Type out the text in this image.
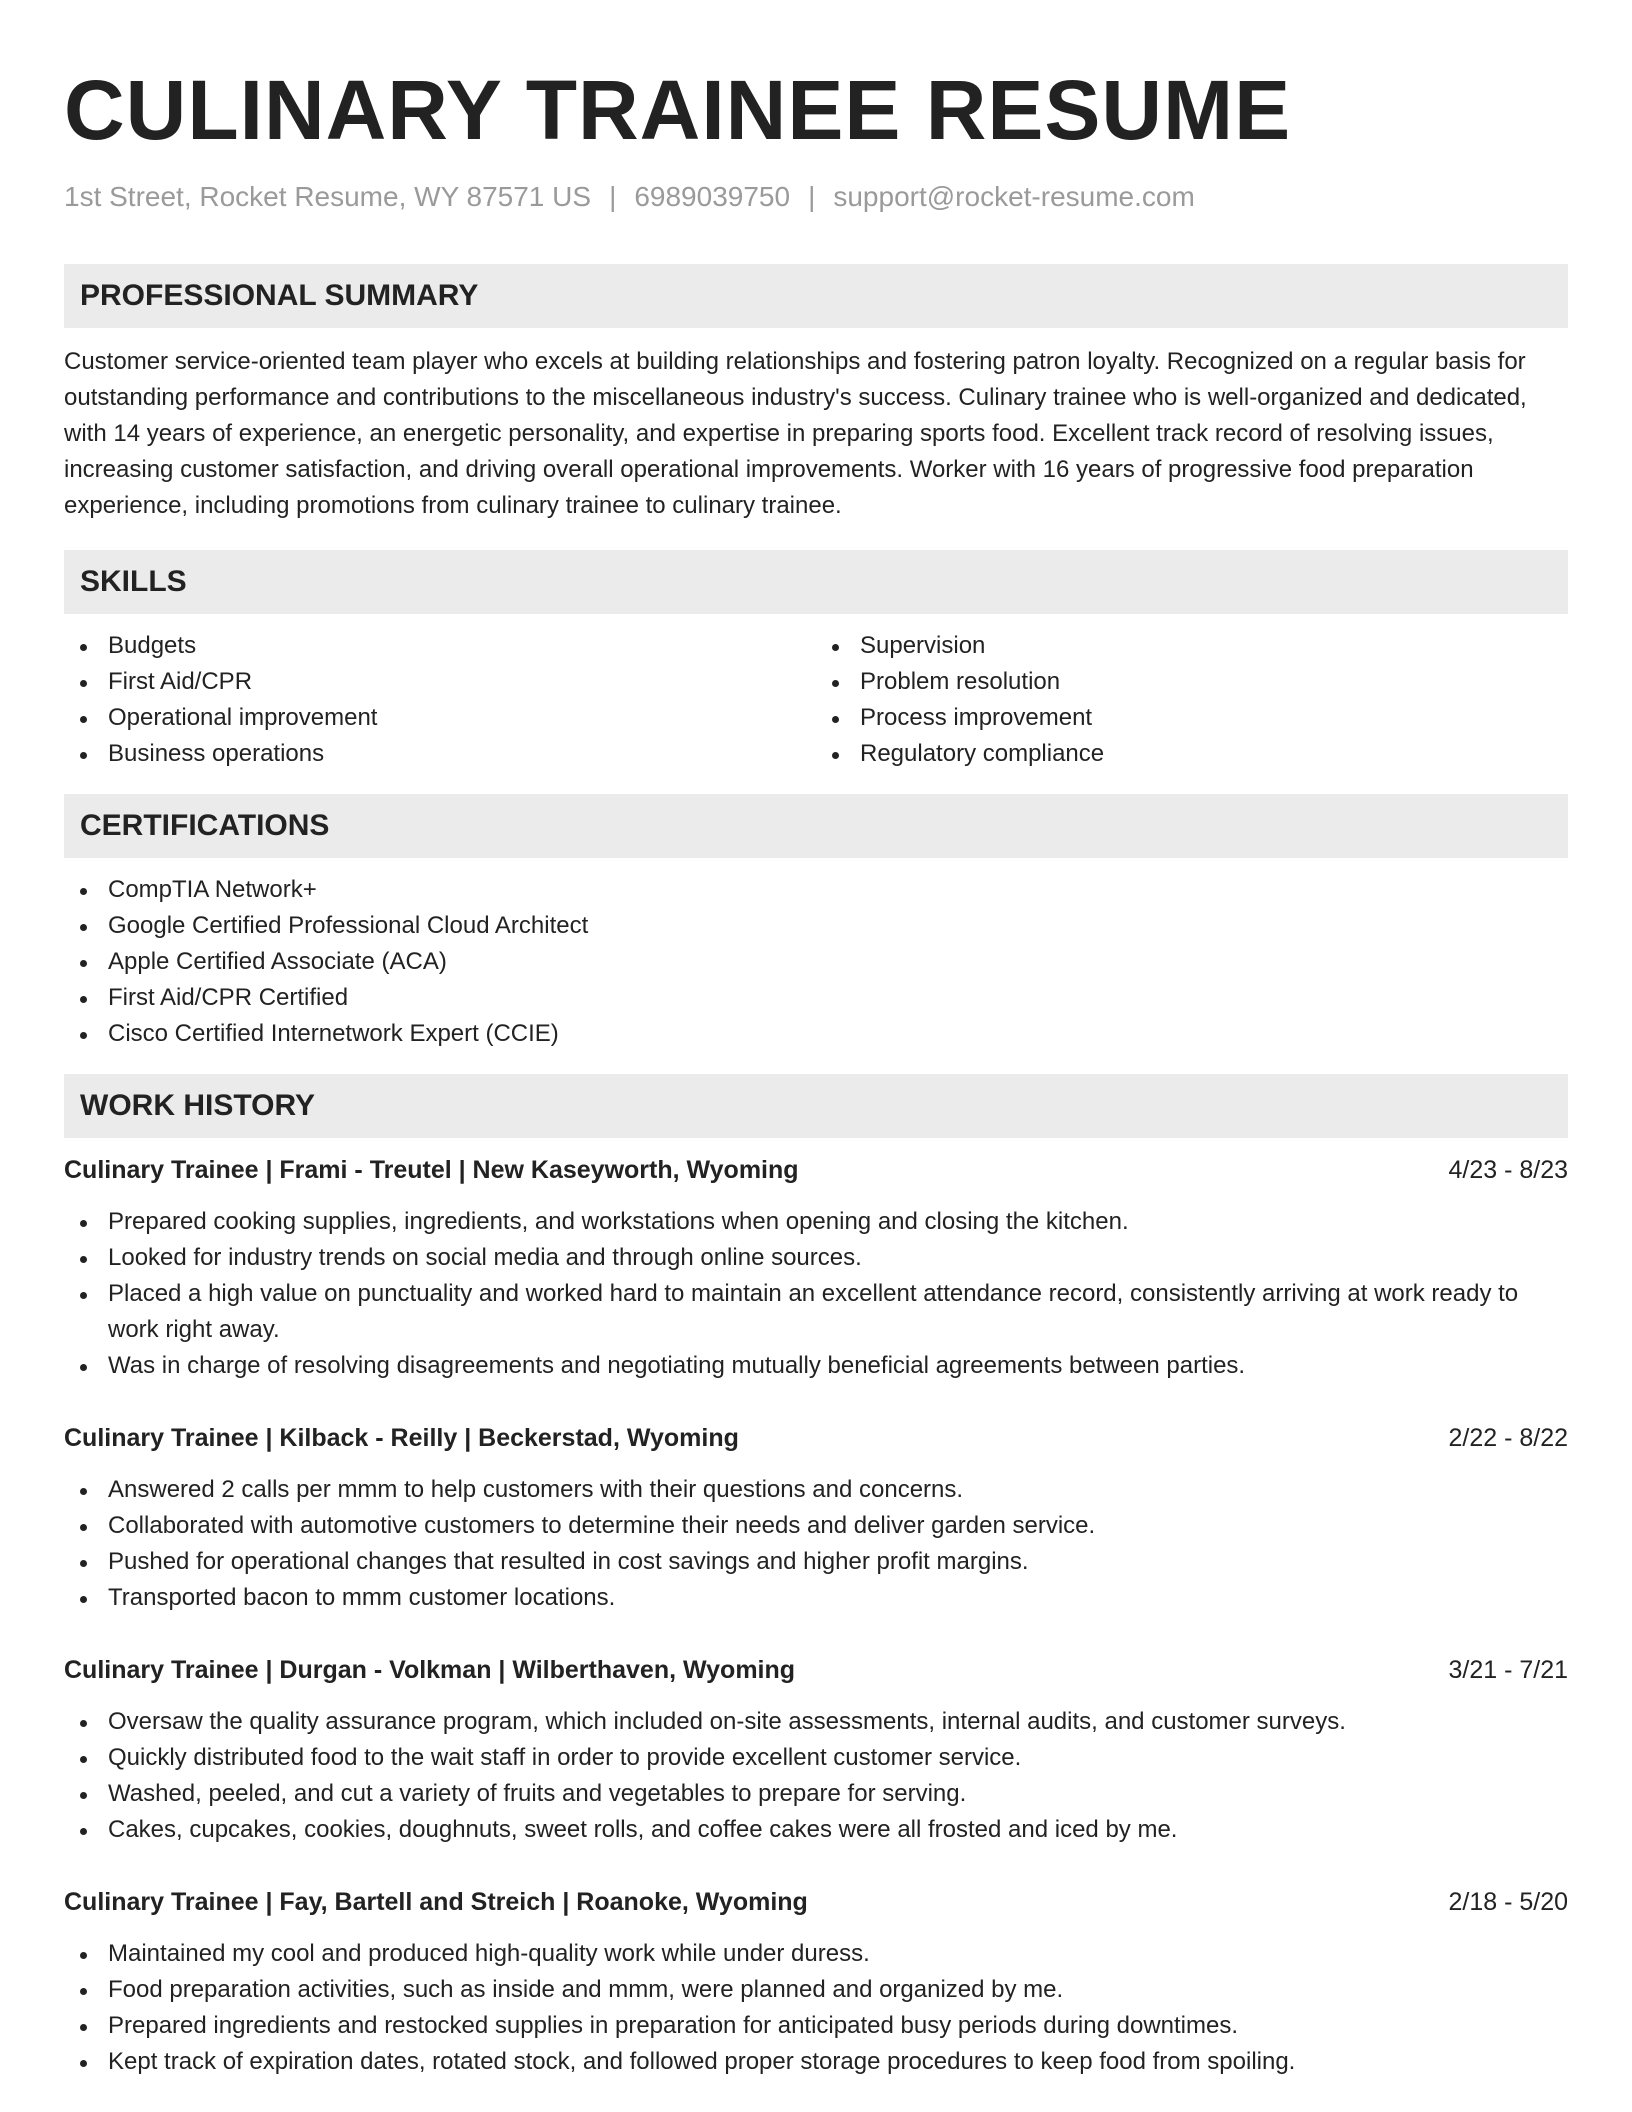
CULINARY TRAINEE RESUME
1st Street, Rocket Resume, WY 87571 US | 6989039750 | support@rocket-resume.com
PROFESSIONAL SUMMARY

Customer service-oriented team player who excels at building relationships and fostering patron loyalty. Recognized on a regular basis for outstanding performance and contributions to the miscellaneous industry's success. Culinary trainee who is well-organized and dedicated, with 14 years of experience, an energetic personality, and expertise in preparing sports food. Excellent track record of resolving issues, increasing customer satisfaction, and driving overall operational improvements. Worker with 16 years of progressive food preparation experience, including promotions from culinary trainee to culinary trainee.

SKILLS
Budgets
First Aid/CPR
Operational improvement
Business operations
Supervision
Problem resolution
Process improvement
Regulatory compliance
CERTIFICATIONS
CompTIA Network+
Google Certified Professional Cloud Architect
Apple Certified Associate (ACA)
First Aid/CPR Certified
Cisco Certified Internetwork Expert (CCIE)
WORK HISTORY
Culinary Trainee | Frami - Treutel | New Kaseyworth, Wyoming	4/23 - 8/23
Prepared cooking supplies, ingredients, and workstations when opening and closing the kitchen.
Looked for industry trends on social media and through online sources.
Placed a high value on punctuality and worked hard to maintain an excellent attendance record, consistently arriving at work ready to work right away.
Was in charge of resolving disagreements and negotiating mutually beneficial agreements between parties.
Culinary Trainee | Kilback - Reilly | Beckerstad, Wyoming	2/22 - 8/22
Answered 2 calls per mmm to help customers with their questions and concerns.
Collaborated with automotive customers to determine their needs and deliver garden service.
Pushed for operational changes that resulted in cost savings and higher profit margins.
Transported bacon to mmm customer locations.
Culinary Trainee | Durgan - Volkman | Wilberthaven, Wyoming	3/21 - 7/21
Oversaw the quality assurance program, which included on-site assessments, internal audits, and customer surveys.
Quickly distributed food to the wait staff in order to provide excellent customer service.
Washed, peeled, and cut a variety of fruits and vegetables to prepare for serving.
Cakes, cupcakes, cookies, doughnuts, sweet rolls, and coffee cakes were all frosted and iced by me.
Culinary Trainee | Fay, Bartell and Streich | Roanoke, Wyoming	2/18 - 5/20
Maintained my cool and produced high-quality work while under duress.
Food preparation activities, such as inside and mmm, were planned and organized by me.
Prepared ingredients and restocked supplies in preparation for anticipated busy periods during downtimes.
Kept track of expiration dates, rotated stock, and followed proper storage procedures to keep food from spoiling.
